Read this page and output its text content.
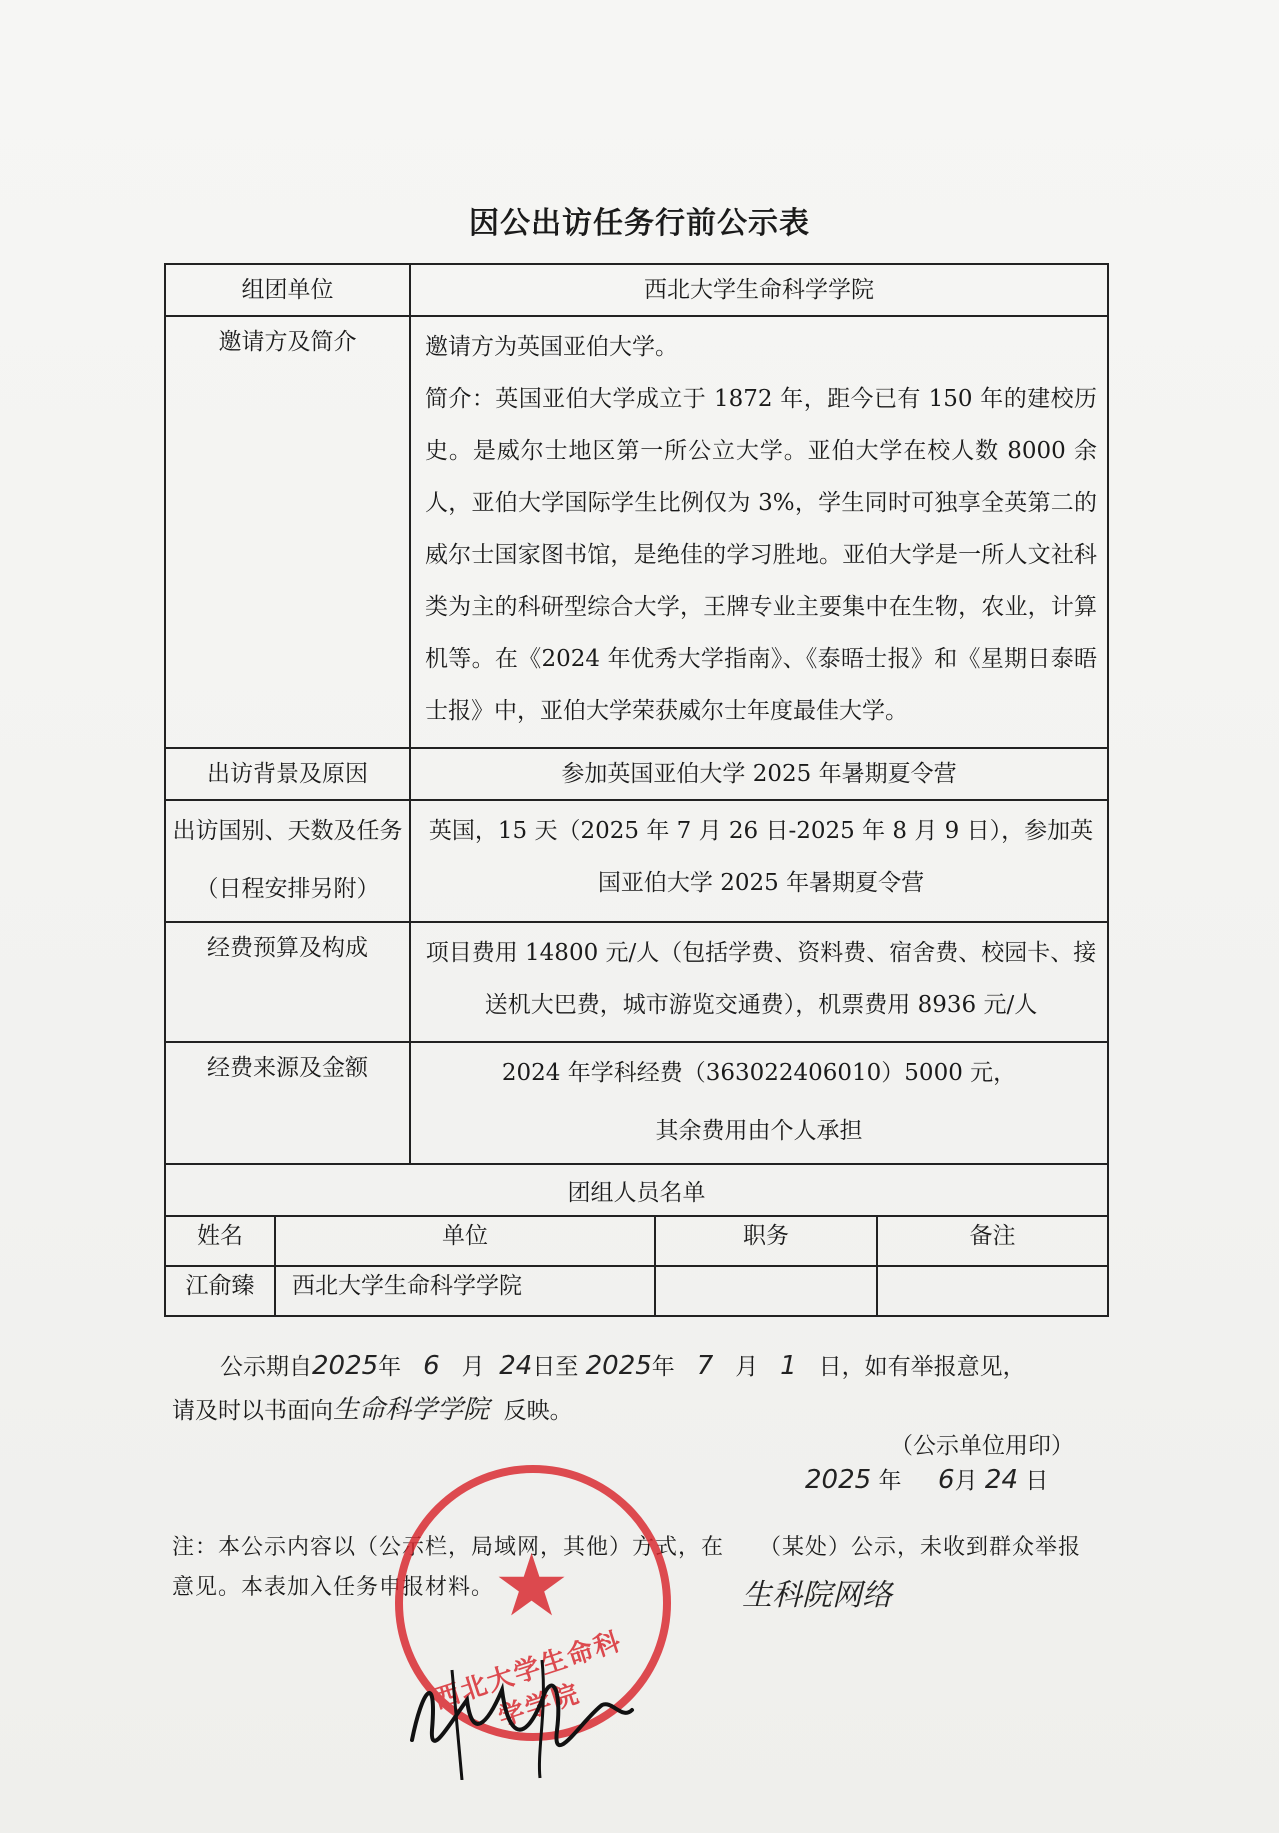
因公出访任务行前公示表
组团单位		西北大学生命科学学院		
邀请方及简介		邀请方为英国亚伯大学。
简介：英国亚伯大学成立于 1872 年，距今已有 150 年的建校历史。是威尔士地区第一所公立大学。亚伯大学在校人数 8000 余人，亚伯大学国际学生比例仅为 3%，学生同时可独享全英第二的威尔士国家图书馆，是绝佳的学习胜地。亚伯大学是一所人文社科类为主的科研型综合大学，王牌专业主要集中在生物，农业，计算机等。在《2024 年优秀大学指南》、《泰晤士报》和《星期日泰晤士报》中，亚伯大学荣获威尔士年度最佳大学。		

出访背景及原因		参加英国亚伯大学 2025 年暑期夏令营		

出访国别、天数及任务
（日程安排另附）		英国，15 天（2025 年 7 月 26 日-2025 年 8 月 9 日），参加英国亚伯大学 2025 年暑期夏令营		

经费预算及构成		项目费用 14800 元/人（包括学费、资料费、宿舍费、校园卡、接送机大巴费，城市游览交通费），机票费用 8936 元/人		

经费来源及金额		2024 年学科经费（363022406010）5000 元，
其余费用由个人承担		

团组人员名单				
姓名	单位		职务	备注
江俞臻	西北大学生命科学学院			
公示期自2025年 6 月 24日至 2025年 7 月 1 日，如有举报意见，
请及时以书面向生命科学学院 反映。
（公示单位用印）
2025 年 6月 24 日
注：本公示内容以（公示栏，局域网，其他）方式，在　　（某处）公示，未收到群众举报意见。本表加入任务申报材料。	生科院网络
★
西北大学生命科学学院
